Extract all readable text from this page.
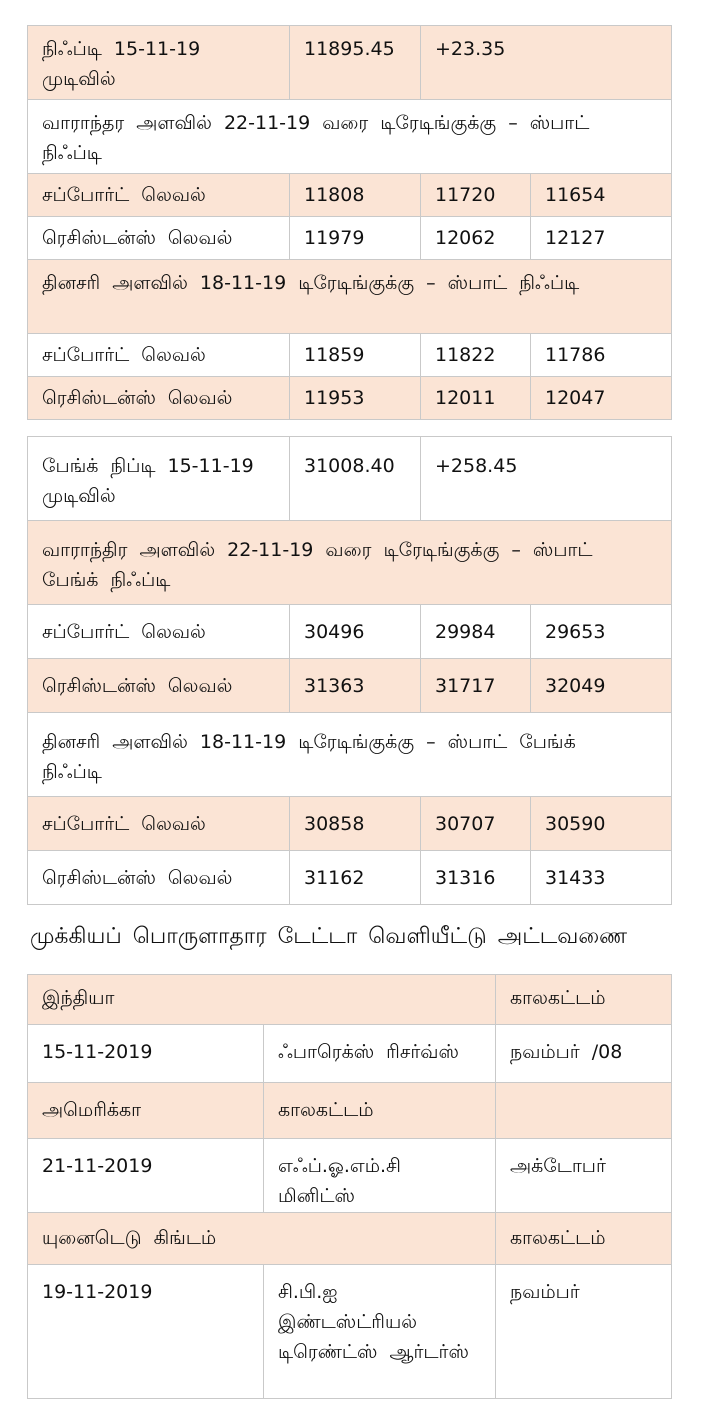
நிஃப்டி 15-11-19 முடிவில்	11895.45	+23.35	
வாராந்தர அளவில் 22-11-19 வரை டிரேடிங்குக்கு – ஸ்பாட் நிஃப்டி			
சப்போர்ட் லெவல்	11808	11720	11654
ரெசிஸ்டன்ஸ் லெவல்	11979	12062	12127
தினசரி அளவில் 18-11-19 டிரேடிங்குக்கு – ஸ்பாட் நிஃப்டி			
சப்போர்ட் லெவல்	11859	11822	11786
ரெசிஸ்டன்ஸ் லெவல்	11953	12011	12047
பேங்க் நிப்டி 15-11-19 முடிவில்	31008.40	+258.45	
வாராந்திர அளவில் 22-11-19 வரை டிரேடிங்குக்கு – ஸ்பாட் பேங்க் நிஃப்டி			
சப்போர்ட் லெவல்	30496	29984	29653
ரெசிஸ்டன்ஸ் லெவல்	31363	31717	32049
தினசரி அளவில் 18-11-19 டிரேடிங்குக்கு – ஸ்பாட் பேங்க் நிஃப்டி			
சப்போர்ட் லெவல்	30858	30707	30590
ரெசிஸ்டன்ஸ் லெவல்	31162	31316	31433
முக்கியப் பொருளாதார டேட்டா வெளியீட்டு அட்டவணை
இந்தியா		காலகட்டம்
15-11-2019	ஃபாரெக்ஸ் ரிசர்வ்ஸ்	நவம்பர் /08
அமெரிக்கா	காலகட்டம்	
21-11-2019	எஃப்.ஓ.எம்.சி மினிட்ஸ்	அக்டோபர்
யுனைடெடு கிங்டம்		காலகட்டம்
19-11-2019	சி.பி.ஐ இண்டஸ்ட்ரியல் டிரெண்ட்ஸ் ஆர்டர்ஸ்	நவம்பர்
